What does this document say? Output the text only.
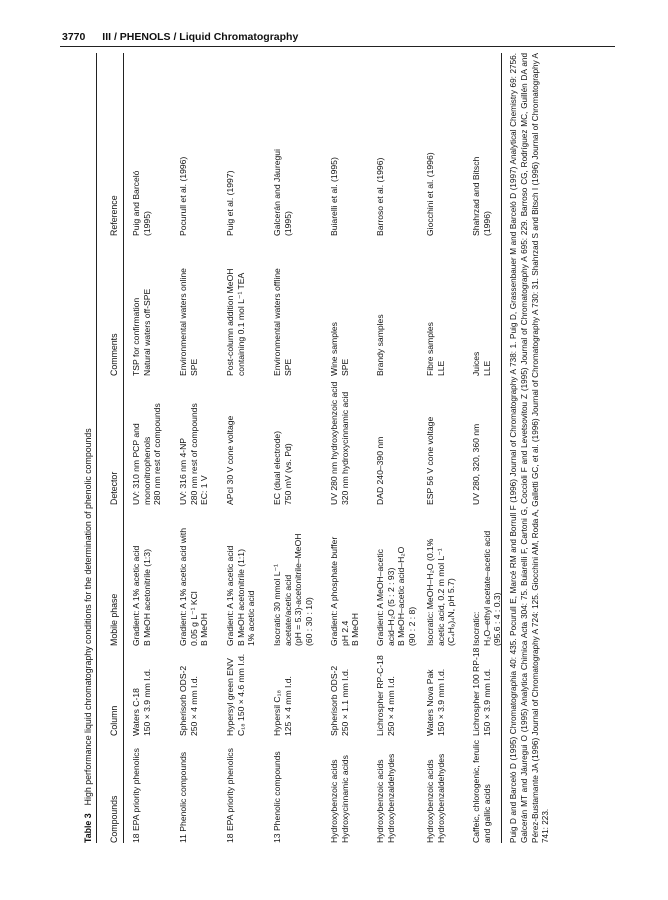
3770 III / PHENOLS / Liquid Chromatography
Table 3High performance liquid chromatography conditions for the determination of phenolic compounds
Compounds
Column
Mobile phase
Detector
Comments
Reference
18 EPA priority phenolics
Waters C-18 150 × 3.9 mm I.d.
Gradient: A 1% acetic acid B MeOH acetonitrile (1:3)
UV: 310 nm PCP and mononitrophenols 280 nm rest of compounds
TSP for confirmation Natural waters off-SPE
Puig and Barceló (1995)
11 Phenolic compounds
Spherisorb ODS-2 250 × 4 mm I.d.
Gradient: A 1% acetic acid with 0.05 g L⁻¹ KCl B MeOH
UV: 316 nm 4-NP 280 nm rest of compounds EC: 1 V
Environmental waters online SPE
Pocurull et al. (1996)
18 EPA priority phenolics
Hypersyl green ENV C₁₈ 150 × 4.6 mm I.d.
Gradient: A 1% acetic acid B MeOH acetonitrile (1:1) 1% acetic acid
APcI 30 V cone voltage
Post-column addition MeOH containing 0.1 mol L⁻¹ TEA
Puig et al. (1997)
13 Phenolic compounds
Hypersil C₁₈ 125 × 4 mm I.d.
Isocratic 30 mmol L⁻¹ acetate/acetic acid (pH = 5.3)-acetonitrile–MeOH (60 : 30 : 10)
EC (dual electrode) 750 mV (vs. Pd)
Environmental waters offline SPE
Galcerán and Jáuregui (1995)
Hydroxybenzoic acids Hydroxycinnamic acids
Spherisorb ODS-2 250 × 1.1 mm I.d.
Gradient: A phosphate buffer pH 2.4 B MeOH
UV 280 nm hydroxybenzoic acid 320 nm hydroxycinnamic acid
Wine samples SPE
Buiarelli et al. (1995)
Hydroxybenzoic acids Hydroxybenzaldehydes
Lichrospher RP-C-18 250 × 4 mm I.d.
Gradient: A MeOH–acetic acid–H₂O (5 : 2 : 93) B MeOH–acetic acid–H₂O (90 : 2 : 8)
DAD 240–390 nm
Brandy samples
Barroso et al. (1996)
Hydroxybenzoic acids Hydroxybenzaldehydes
Waters Nova Pak 150 × 3.9 mm I.d.
Isocratic: MeOH–H₂O (0.1% acetic acid, 0.2 m mol L⁻¹ (C₄H₉)₄N, pH 5.7)
ESP 56 V cone voltage
Fibre samples LLE
Giocchini et al. (1996)
Caffeic, chlorogenic, ferulic and gallic acids
Lichrospher 100 RP-18 150 × 3.9 mm I.d.
Isocratic: H₂O–ethyl acetate–acetic acid (95.6 : 4 : 0.3)
UV 280, 320, 360 nm
Juices LLE
Shahrzad and Bitsch (1996) Puig D and Barceló D (1995) Chromatographia 40: 435. Pocurull E, Marcé RM and Borrull F (1996) Journal of Chromatography A 738: 1. Puig D, Grassenbauer M and Barceló D (1997) Analytical Chemistry 69: 2756. Galcerán MT and Jáuregui O (1995) Analytica Chimica Acta 304: 75. Buiarelli F, Cartoni G, Coccioli F and Levetsovitou Z (1995) Journal of Chromatography A 695: 229. Barroso CG, Rodríguez MC, Guillén DA and Pérez-Bustamante JA (1996) Journal of Chromatography A 724: 125. Giocchini AM, Roda A, Galletti GC, et al. (1996) Journal of Chromatography A 730: 31. Shahrzad S and Bitsch I (1996) Journal of Chromatography A 741: 223.
